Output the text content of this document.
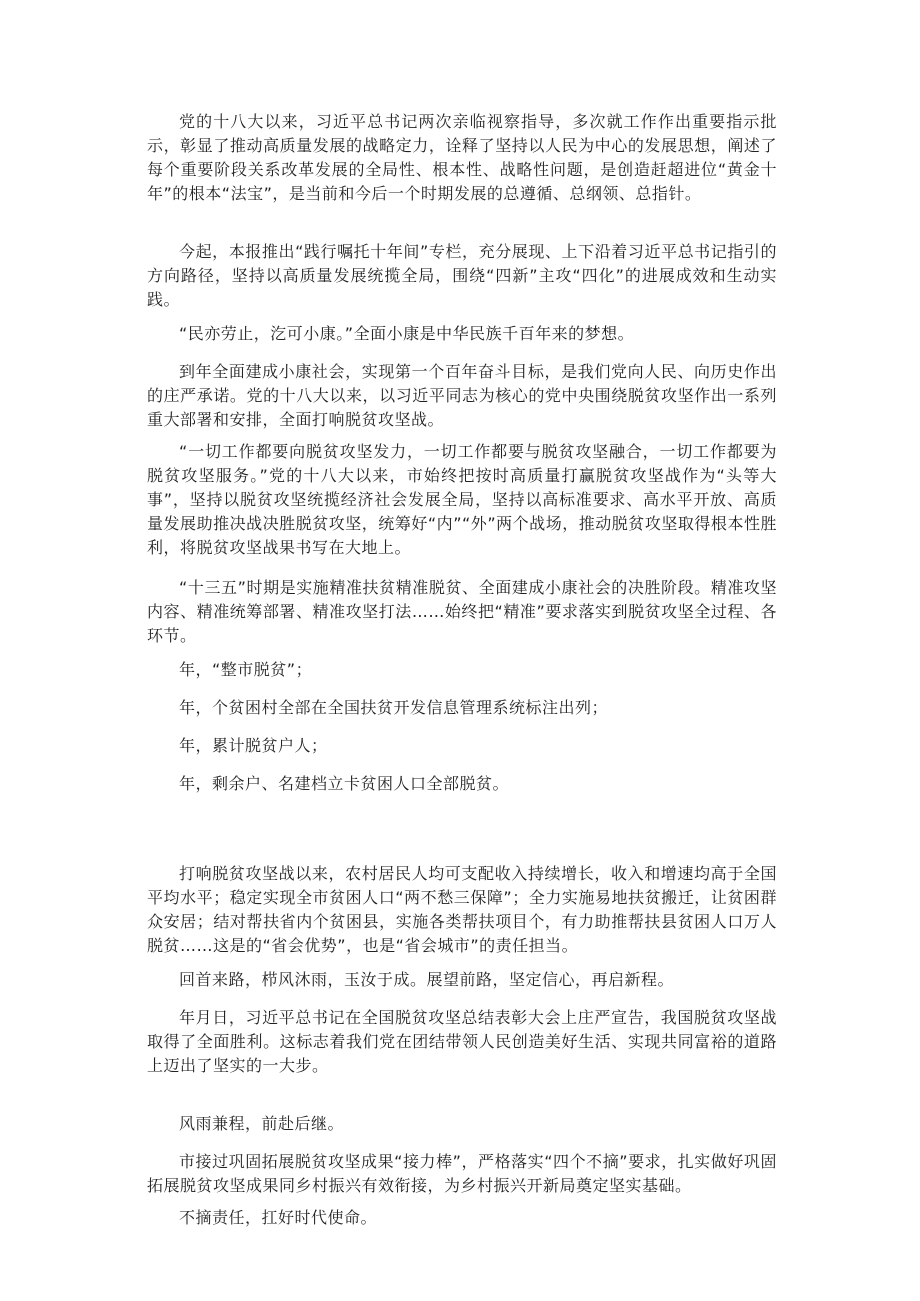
党的十八大以来，习近平总书记两次亲临视察指导，多次就工作作出重要指示批示，彰显了推动高质量发展的战略定力，诠释了坚持以人民为中心的发展思想，阐述了每个重要阶段关系改革发展的全局性、根本性、战略性问题，是创造赶超进位“黄金十年”的根本“法宝”，是当前和今后一个时期发展的总遵循、总纲领、总指针。

今起，本报推出“践行嘱托十年间”专栏，充分展现、上下沿着习近平总书记指引的方向路径，坚持以高质量发展统揽全局，围绕“四新”主攻“四化”的进展成效和生动实践。

“民亦劳止，汔可小康。”全面小康是中华民族千百年来的梦想。

到年全面建成小康社会，实现第一个百年奋斗目标，是我们党向人民、向历史作出的庄严承诺。党的十八大以来，以习近平同志为核心的党中央围绕脱贫攻坚作出一系列重大部署和安排，全面打响脱贫攻坚战。

“一切工作都要向脱贫攻坚发力，一切工作都要与脱贫攻坚融合，一切工作都要为脱贫攻坚服务。”党的十八大以来，市始终把按时高质量打赢脱贫攻坚战作为“头等大事”，坚持以脱贫攻坚统揽经济社会发展全局，坚持以高标准要求、高水平开放、高质量发展助推决战决胜脱贫攻坚，统筹好“内”“外”两个战场，推动脱贫攻坚取得根本性胜利，将脱贫攻坚战果书写在大地上。

“十三五”时期是实施精准扶贫精准脱贫、全面建成小康社会的决胜阶段。精准攻坚内容、精准统筹部署、精准攻坚打法……始终把“精准”要求落实到脱贫攻坚全过程、各环节。

年，“整市脱贫”；

年，个贫困村全部在全国扶贫开发信息管理系统标注出列；

年，累计脱贫户人；

年，剩余户、名建档立卡贫困人口全部脱贫。

打响脱贫攻坚战以来，农村居民人均可支配收入持续增长，收入和增速均高于全国平均水平；稳定实现全市贫困人口“两不愁三保障”；全力实施易地扶贫搬迁，让贫困群众安居；结对帮扶省内个贫困县，实施各类帮扶项目个，有力助推帮扶县贫困人口万人脱贫……这是的“省会优势”，也是“省会城市”的责任担当。

回首来路，栉风沐雨，玉汝于成。展望前路，坚定信心，再启新程。

年月日，习近平总书记在全国脱贫攻坚总结表彰大会上庄严宣告，我国脱贫攻坚战取得了全面胜利。这标志着我们党在团结带领人民创造美好生活、实现共同富裕的道路上迈出了坚实的一大步。

风雨兼程，前赴后继。

市接过巩固拓展脱贫攻坚成果“接力棒”，严格落实“四个不摘”要求，扎实做好巩固拓展脱贫攻坚成果同乡村振兴有效衔接，为乡村振兴开新局奠定坚实基础。

不摘责任，扛好时代使命。
